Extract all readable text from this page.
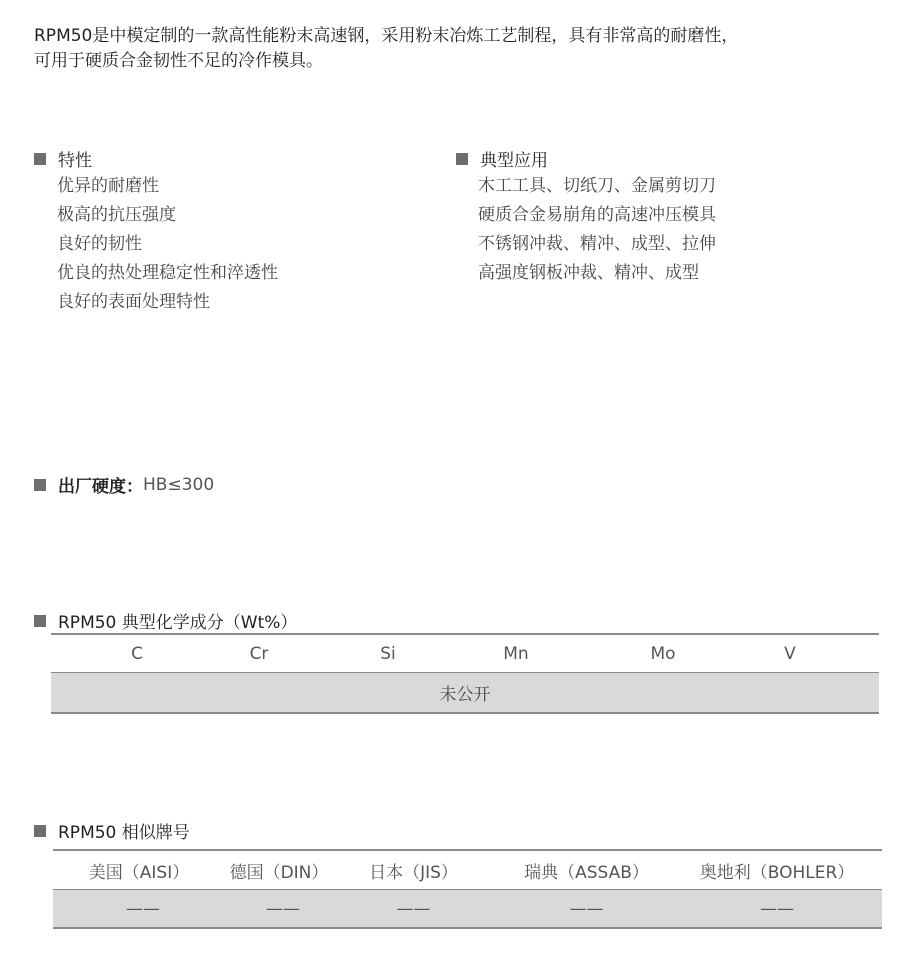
RPM50是中模定制的一款高性能粉末高速钢，采用粉末冶炼工艺制程，具有非常高的耐磨性，
可用于硬质合金韧性不足的冷作模具。
特性
优异的耐磨性
极高的抗压强度
良好的韧性
优良的热处理稳定性和淬透性
良好的表面处理特性
典型应用
木工工具、切纸刀、金属剪切刀
硬质合金易崩角的高速冲压模具
不锈钢冲裁、精冲、成型、拉伸
高强度钢板冲裁、精冲、成型
出厂硬度： HB≤300
RPM50 典型化学成分（Wt%）
C	Cr	Si	Mn	Mo	V
未公开
RPM50 相似牌号
美国（AISI）	德国（DIN）	日本（JIS）	瑞典（ASSAB）	奥地利（BOHLER）
——	——	——	——	——
